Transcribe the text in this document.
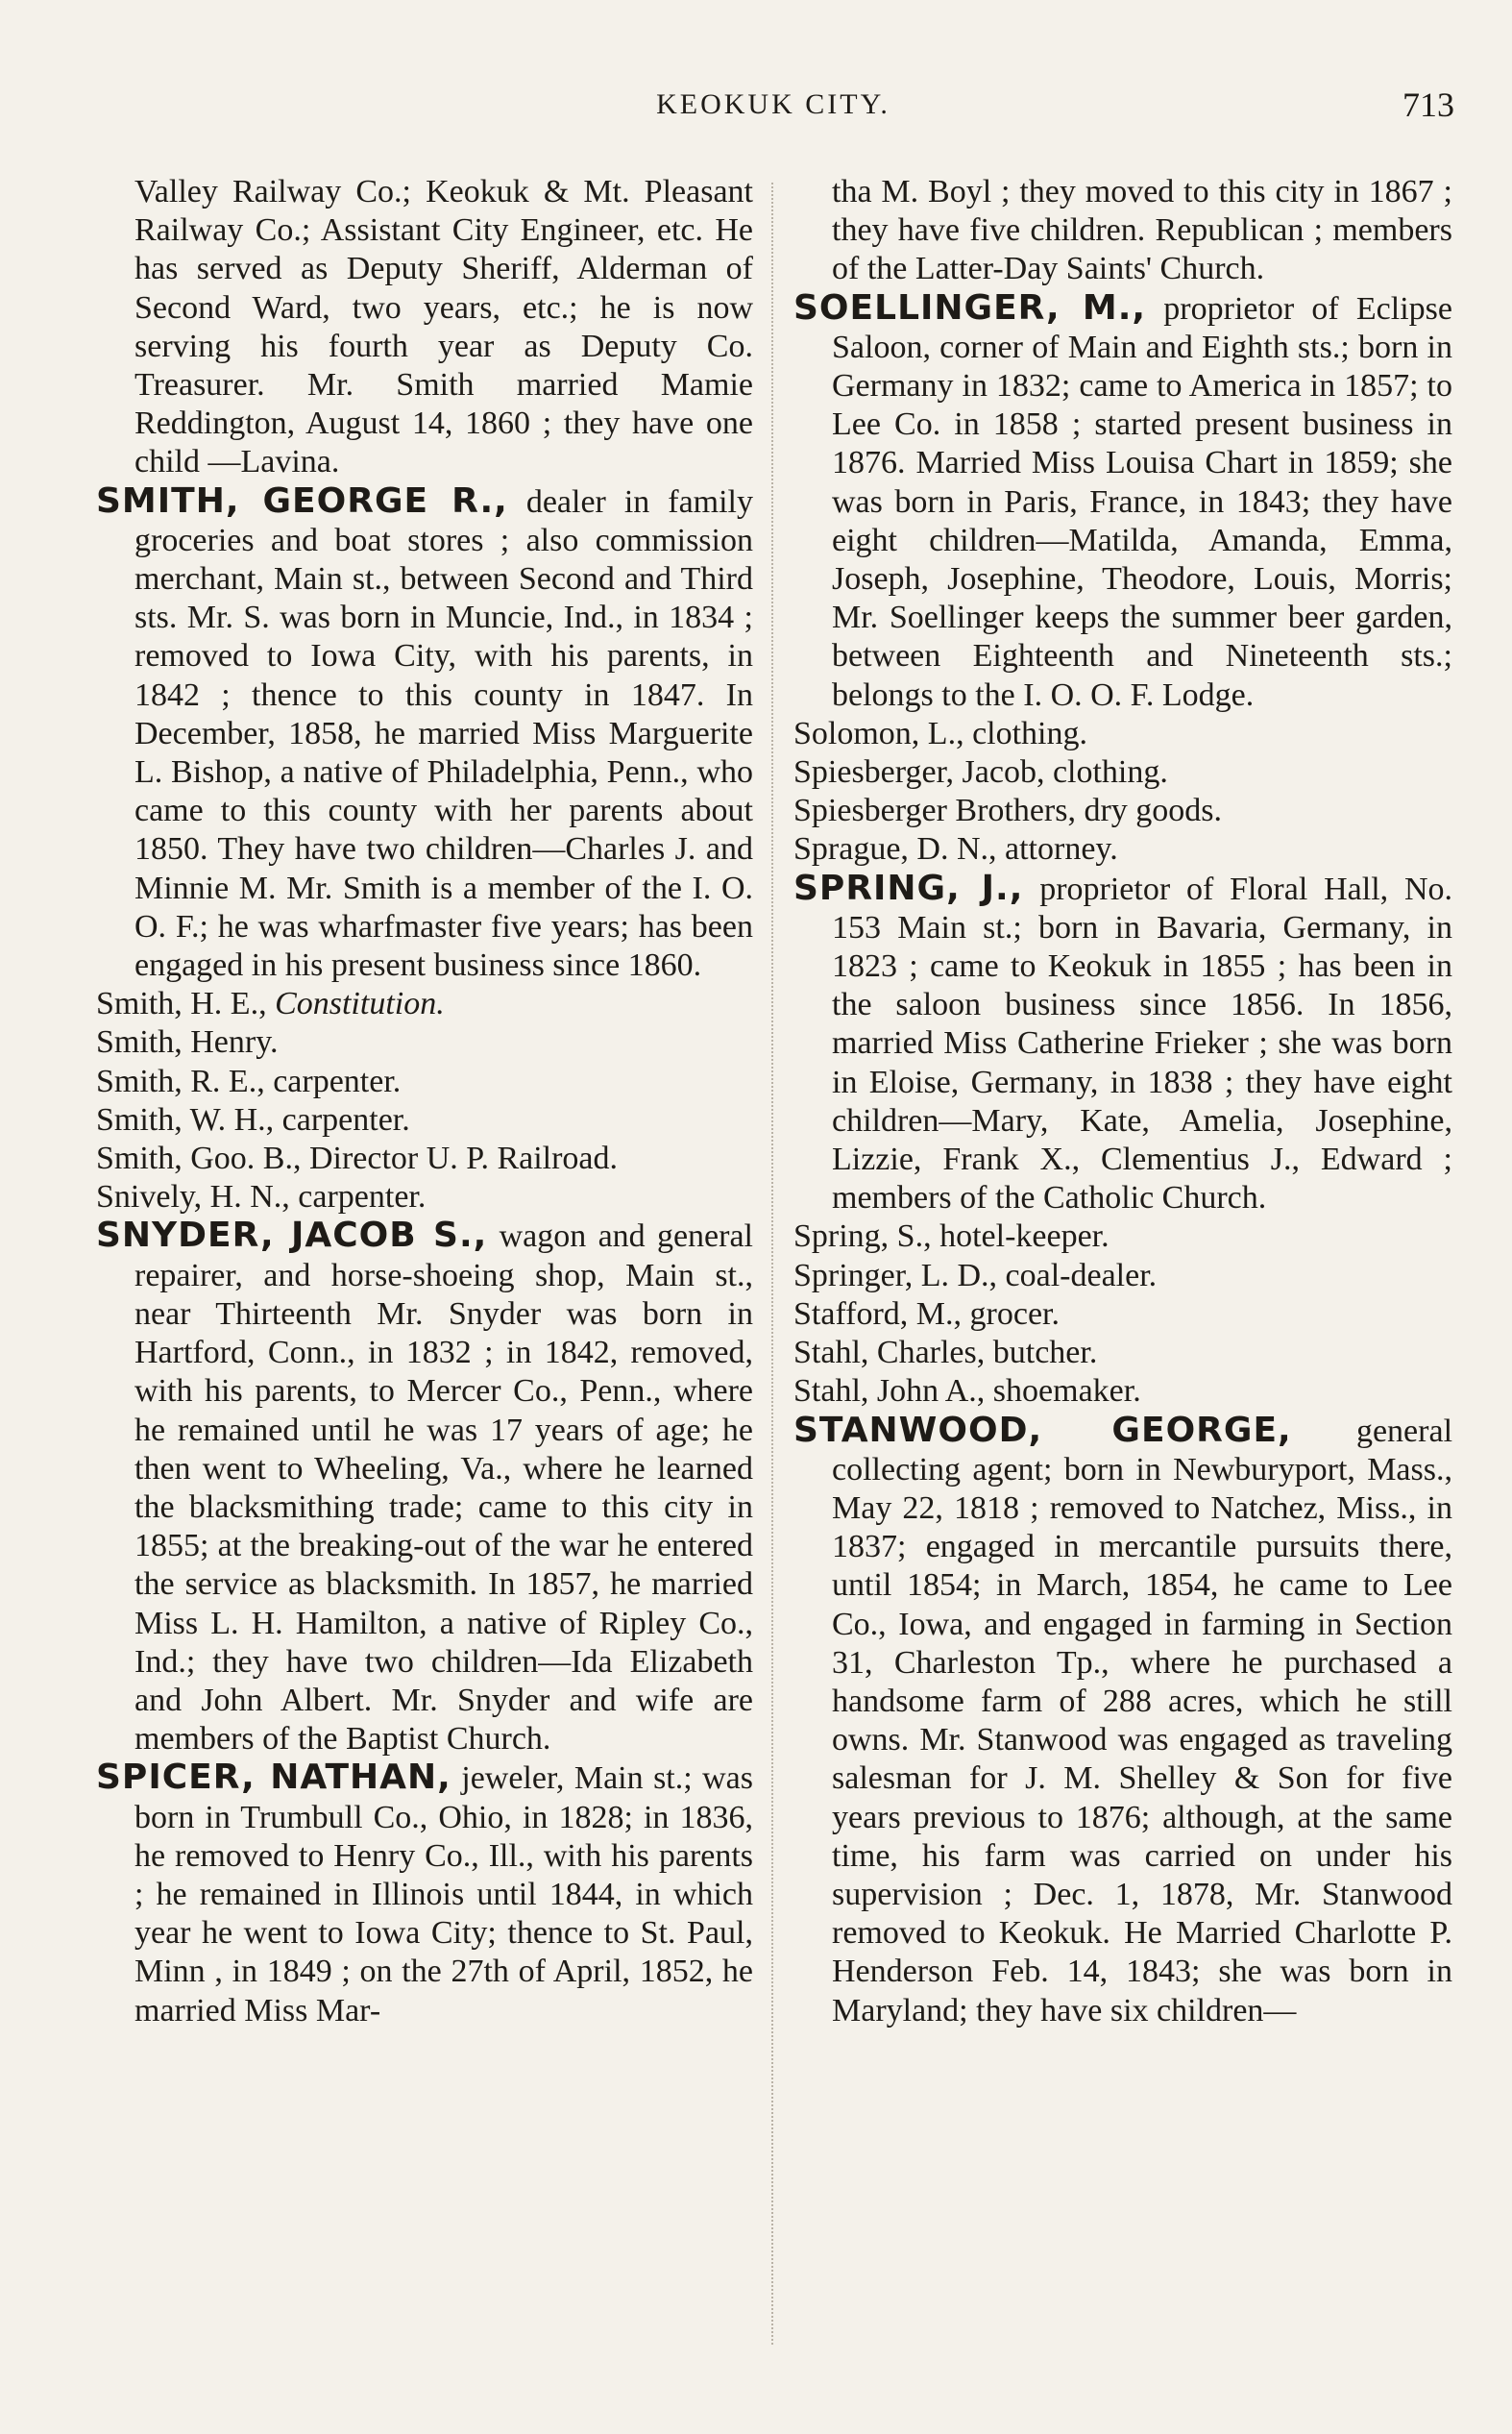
KEOKUK CITY.	713

Valley Railway Co.; Keokuk & Mt. Pleasant Railway Co.; Assistant City Engineer, etc. He has served as Deputy Sheriff, Alderman of Second Ward, two years, etc.; he is now serving his fourth year as Deputy Co. Treasurer. Mr. Smith married Mamie Reddington, August 14, 1860 ; they have one child —Lavina.

SMITH, GEORGE R., dealer in family groceries and boat stores ; also commission merchant, Main st., between Second and Third sts. Mr. S. was born in Muncie, Ind., in 1834 ; removed to Iowa City, with his parents, in 1842 ; thence to this county in 1847. In December, 1858, he married Miss Marguerite L. Bishop, a native of Philadelphia, Penn., who came to this county with her parents about 1850. They have two children—Charles J. and Minnie M. Mr. Smith is a member of the I. O. O. F.; he was wharfmaster five years; has been engaged in his present business since 1860.

Smith, H. E., Constitution.

Smith, Henry.

Smith, R. E., carpenter.

Smith, W. H., carpenter.

Smith, Goo. B., Director U. P. Railroad.

Snively, H. N., carpenter.

SNYDER, JACOB S., wagon and general repairer, and horse-shoeing shop, Main st., near Thirteenth Mr. Snyder was born in Hartford, Conn., in 1832 ; in 1842, removed, with his parents, to Mercer Co., Penn., where he remained until he was 17 years of age; he then went to Wheeling, Va., where he learned the blacksmithing trade; came to this city in 1855; at the breaking-out of the war he entered the service as blacksmith. In 1857, he married Miss L. H. Hamilton, a native of Ripley Co., Ind.; they have two children—Ida Elizabeth and John Albert. Mr. Snyder and wife are members of the Baptist Church.

SPICER, NATHAN, jeweler, Main st.; was born in Trumbull Co., Ohio, in 1828; in 1836, he removed to Henry Co., Ill., with his parents ; he remained in Illinois until 1844, in which year he went to Iowa City; thence to St. Paul, Minn , in 1849 ; on the 27th of April, 1852, he married Miss Mar-

tha M. Boyl ; they moved to this city in 1867 ; they have five children. Republican ; members of the Latter-Day Saints' Church.

SOELLINGER, M., proprietor of Eclipse Saloon, corner of Main and Eighth sts.; born in Germany in 1832; came to America in 1857; to Lee Co. in 1858 ; started present business in 1876. Married Miss Louisa Chart in 1859; she was born in Paris, France, in 1843; they have eight children—Matilda, Amanda, Emma, Joseph, Josephine, Theodore, Louis, Morris; Mr. Soellinger keeps the summer beer garden, between Eighteenth and Nineteenth sts.; belongs to the I. O. O. F. Lodge.

Solomon, L., clothing.

Spiesberger, Jacob, clothing.

Spiesberger Brothers, dry goods.

Sprague, D. N., attorney.

SPRING, J., proprietor of Floral Hall, No. 153 Main st.; born in Bavaria, Germany, in 1823 ; came to Keokuk in 1855 ; has been in the saloon business since 1856. In 1856, married Miss Catherine Frieker ; she was born in Eloise, Germany, in 1838 ; they have eight children—Mary, Kate, Amelia, Josephine, Lizzie, Frank X., Clementius J., Edward ; members of the Catholic Church.

Spring, S., hotel-keeper.

Springer, L. D., coal-dealer.

Stafford, M., grocer.

Stahl, Charles, butcher.

Stahl, John A., shoemaker.

STANWOOD, GEORGE, general collecting agent; born in Newburyport, Mass., May 22, 1818 ; removed to Natchez, Miss., in 1837; engaged in mercantile pursuits there, until 1854; in March, 1854, he came to Lee Co., Iowa, and engaged in farming in Section 31, Charleston Tp., where he purchased a handsome farm of 288 acres, which he still owns. Mr. Stanwood was engaged as traveling salesman for J. M. Shelley & Son for five years previous to 1876; although, at the same time, his farm was carried on under his supervision ; Dec. 1, 1878, Mr. Stanwood removed to Keokuk. He Married Charlotte P. Henderson Feb. 14, 1843; she was born in Maryland; they have six children—
